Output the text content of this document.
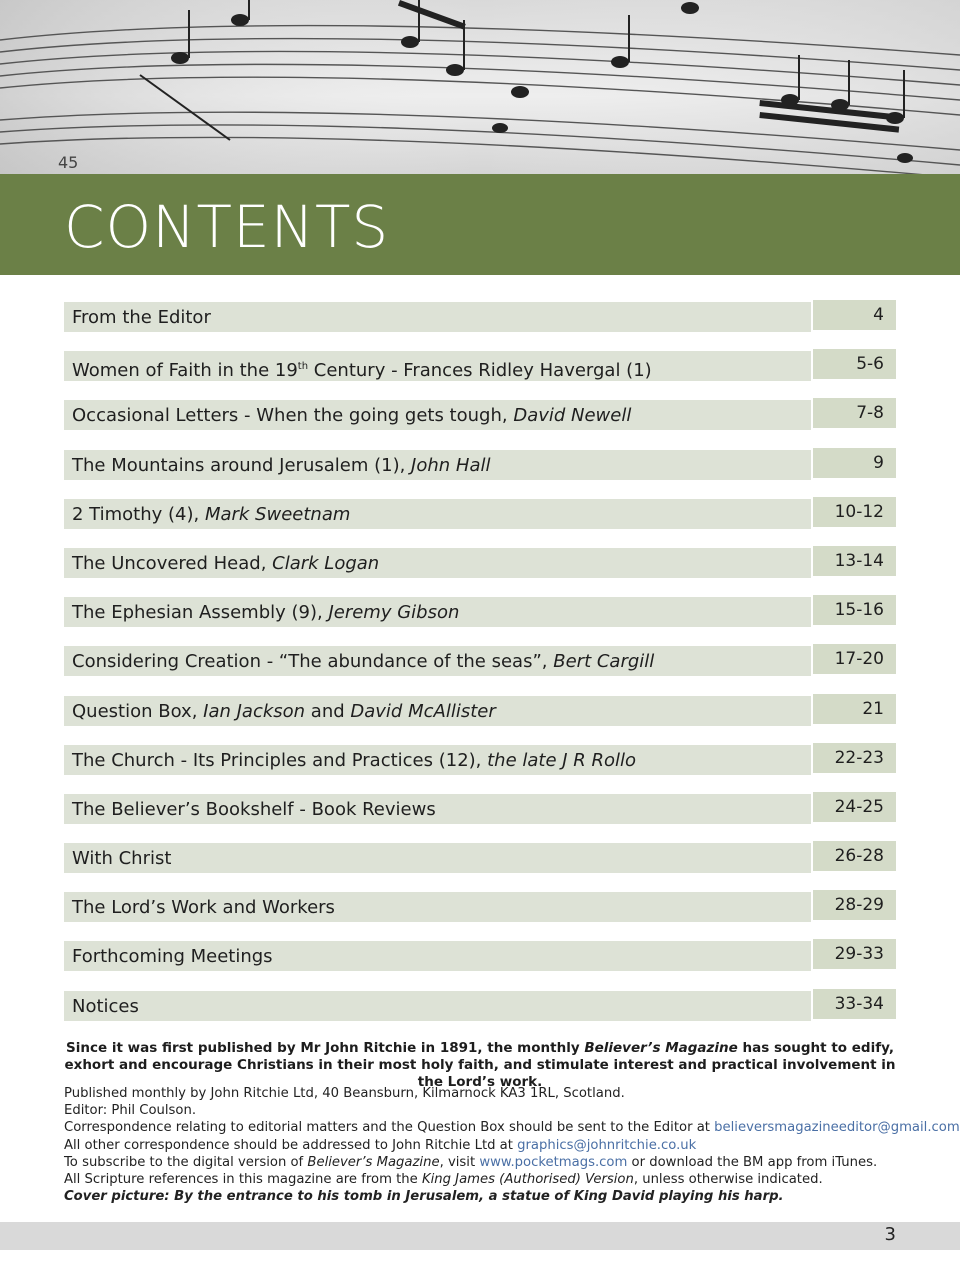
45
CONTENTS
From the Editor	4
Women of Faith in the 19th Century - Frances Ridley Havergal (1)	5-6
Occasional Letters - When the going gets tough, David Newell	7-8
The Mountains around Jerusalem (1), John Hall	9
2 Timothy (4), Mark Sweetnam	10-12
The Uncovered Head, Clark Logan	13-14
The Ephesian Assembly (9), Jeremy Gibson	15-16
Considering Creation - “The abundance of the seas”, Bert Cargill	17-20
Question Box, Ian Jackson and David McAllister	21
The Church - Its Principles and Practices (12), the late J R Rollo	22-23
The Believer’s Bookshelf - Book Reviews	24-25
With Christ	26-28
The Lord’s Work and Workers	28-29
Forthcoming Meetings	29-33
Notices	33-34
Since it was first published by Mr John Ritchie in 1891, the monthly Believer’s Magazine has sought to edify, exhort and encourage Christians in their most holy faith, and stimulate interest and practical involvement in the Lord’s work.
Published monthly by John Ritchie Ltd, 40 Beansburn, Kilmarnock KA3 1RL, Scotland.
Editor: Phil Coulson.
Correspondence relating to editorial matters and the Question Box should be sent to the Editor at believersmagazineeditor@gmail.com
All other correspondence should be addressed to John Ritchie Ltd at graphics@johnritchie.co.uk
To subscribe to the digital version of Believer’s Magazine, visit www.pocketmags.com or download the BM app from iTunes.
All Scripture references in this magazine are from the King James (Authorised) Version, unless otherwise indicated.
Cover picture: By the entrance to his tomb in Jerusalem, a statue of King David playing his harp.
3
